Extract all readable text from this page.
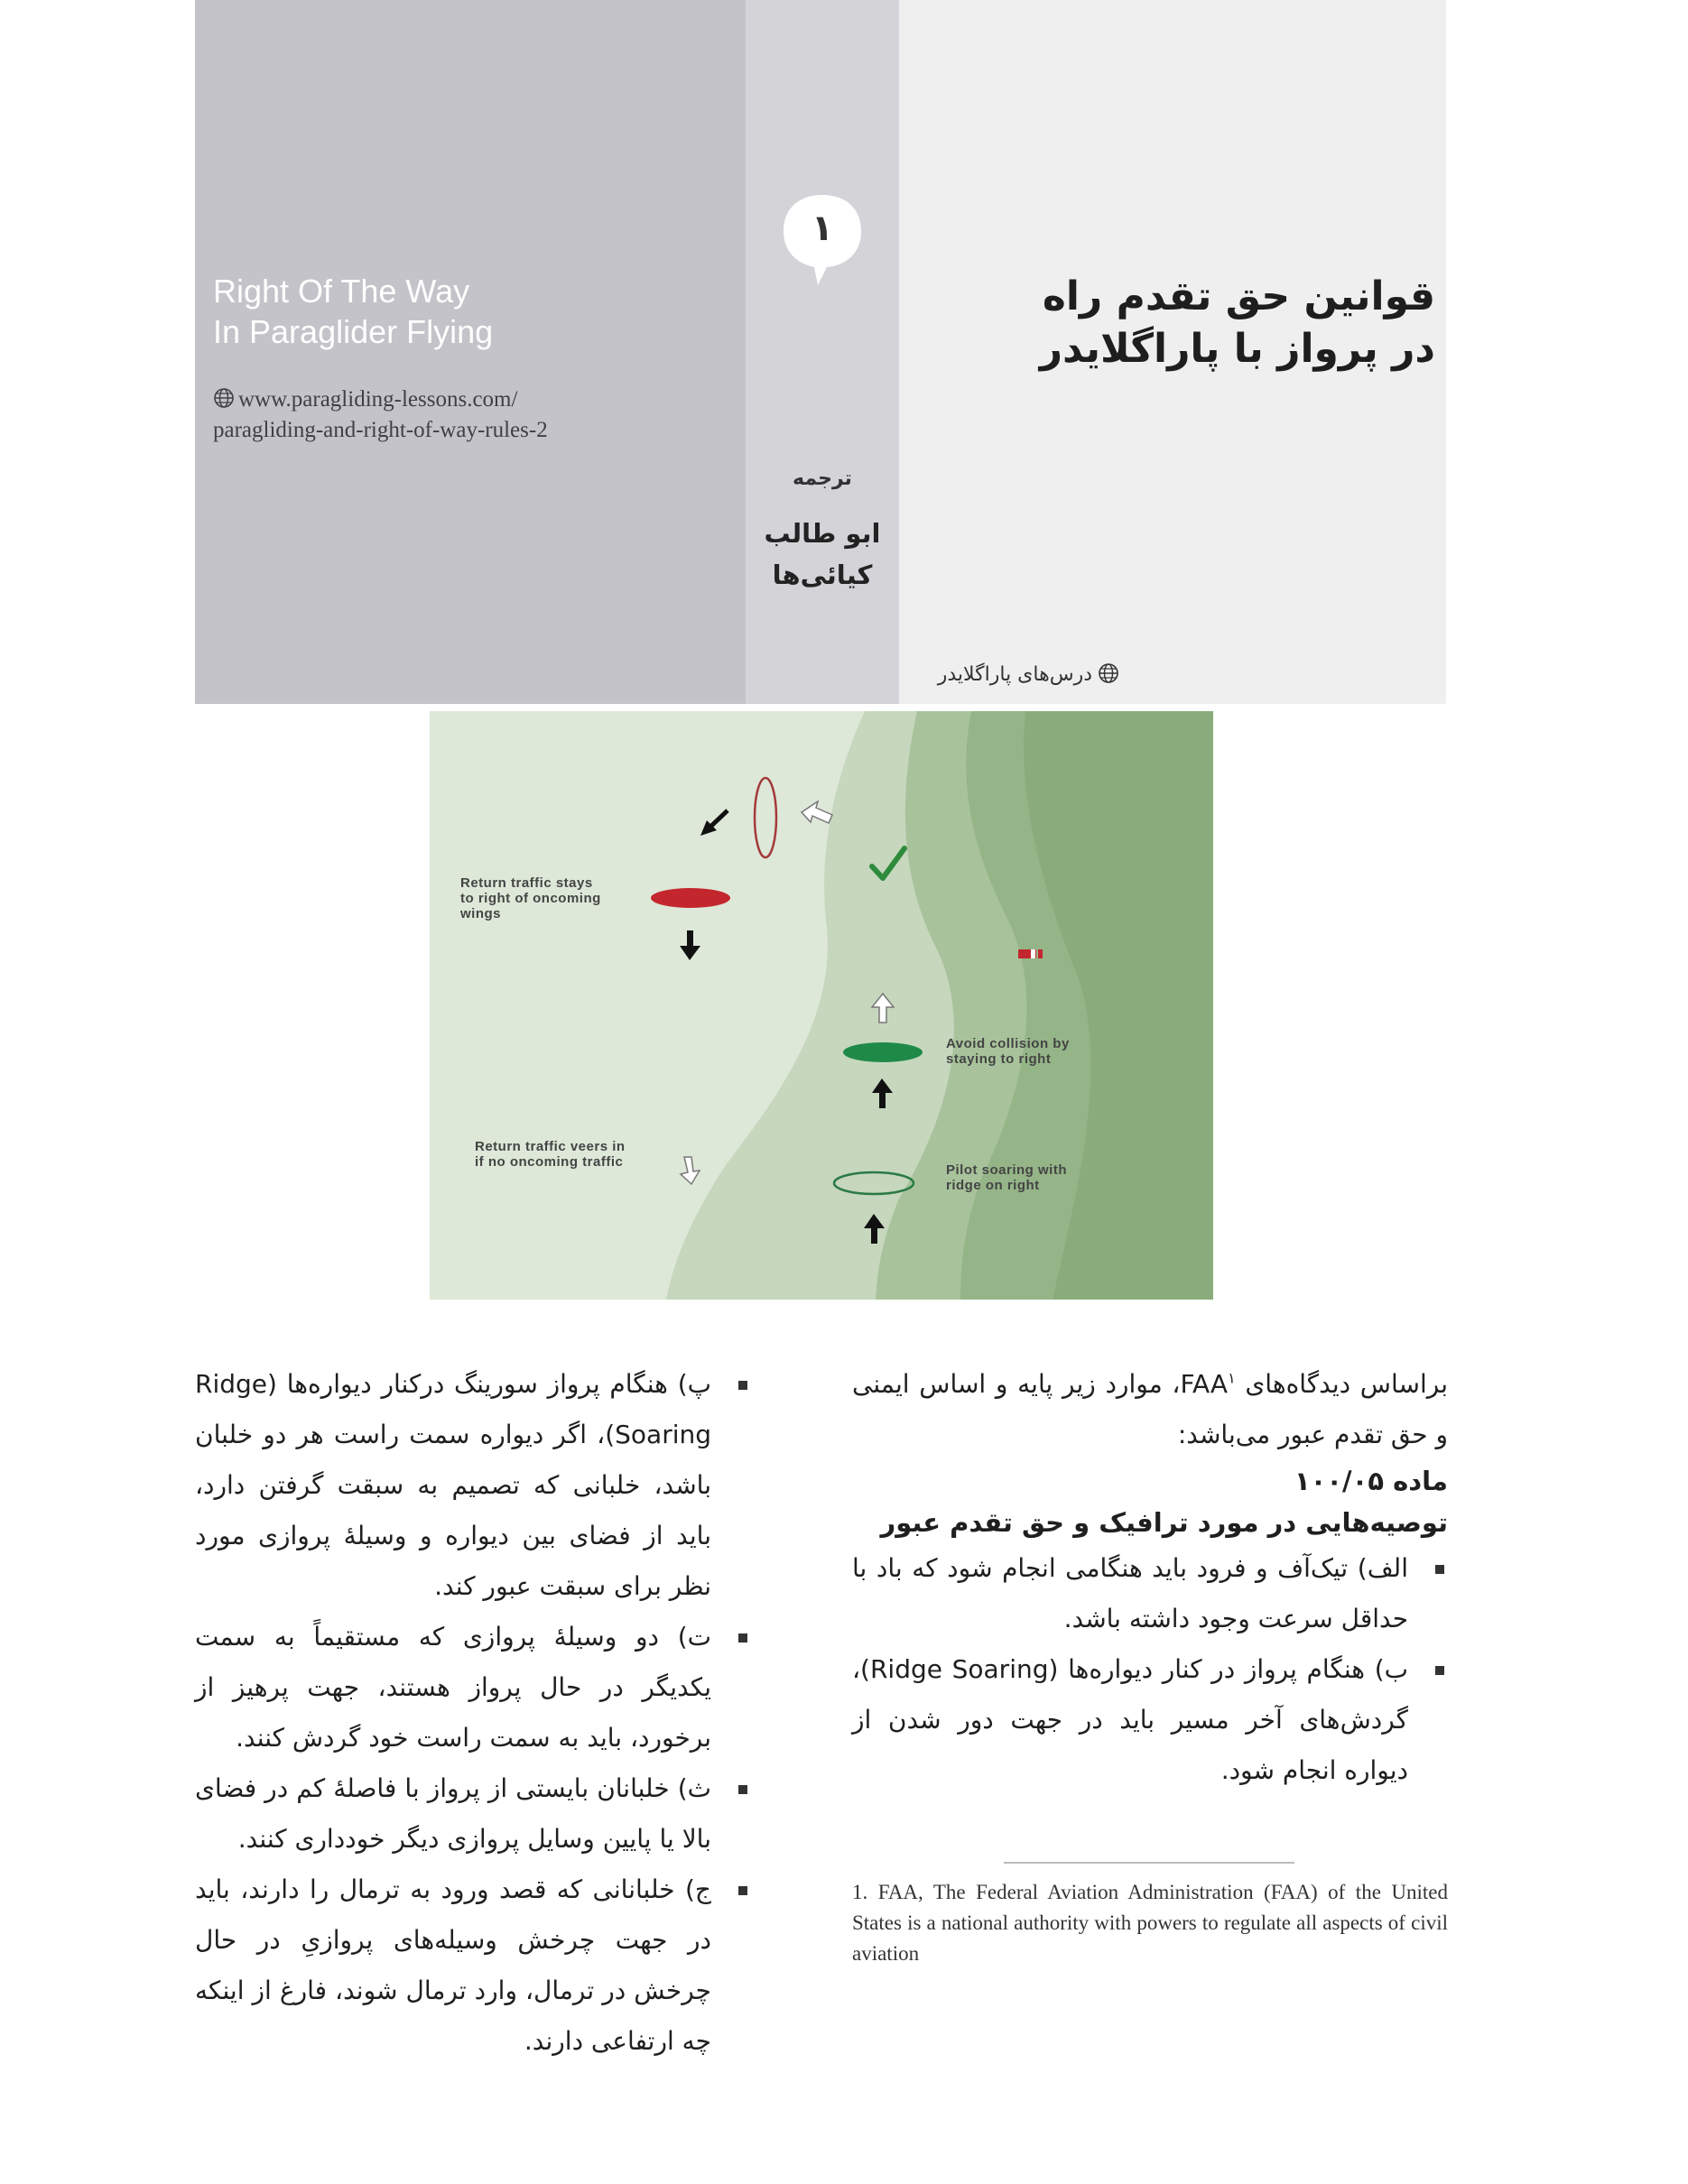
Right Of The Way
In Paraglider Flying
www.paragliding-lessons.com/
paragliding-and-right-of-way-rules-2
۱
ترجمه
ابو طالب
کیائی‌ها
قوانین حق تقدم راه
در پرواز با پاراگلایدر
درس‌های پاراگلایدر
Return traffic stays
to right of oncoming
wings
Avoid collision by
staying to right
Return traffic veers in
if no oncoming traffic
Pilot soaring with
ridge on right

براساس دیدگاه‌های FAA$^۱$، موارد زیر پایه و اساس ایمنی و حق تقدم عبور می‌باشد:

ماده ۱۰۰/۰۵

توصیه‌هایی در مورد ترافیک و حق تقدم عبور

الف) تیک‌آف و فرود باید هنگامی انجام شود که باد با حداقل سرعت وجود داشته باشد.
ب) هنگام پرواز در کنار دیواره‌ها (Ridge Soaring)، گردش‌های آخر مسیر باید در جهت دور شدن از دیواره انجام شود.
پ) هنگام پرواز سورینگ درکنار دیواره‌ها (Ridge Soaring)، اگر دیواره سمت راست هر دو خلبان باشد، خلبانی که تصمیم به سبقت گرفتن دارد، باید از فضای بین دیواره و وسیلۀ پروازی مورد نظر برای سبقت عبور کند.
ت) دو وسیلۀ پروازی که مستقیماً به سمت یکدیگر در حال پرواز هستند، جهت پرهیز از برخورد، باید به سمت راست خود گردش کنند.
ث) خلبانان بایستی از پرواز با فاصلۀ کم در فضای بالا یا پایین وسایل پروازی دیگر خودداری کنند.
ج) خلبانانی که قصد ورود به ترمال را دارند، باید در جهت چرخش وسیله‌های پروازیِ در حال چرخش در ترمال، وارد ترمال شوند، فارغ از اینکه چه ارتفاعی دارند.
1. FAA, The Federal Aviation Administration (FAA) of the United States is a national authority with powers to regulate all aspects of civil aviation
